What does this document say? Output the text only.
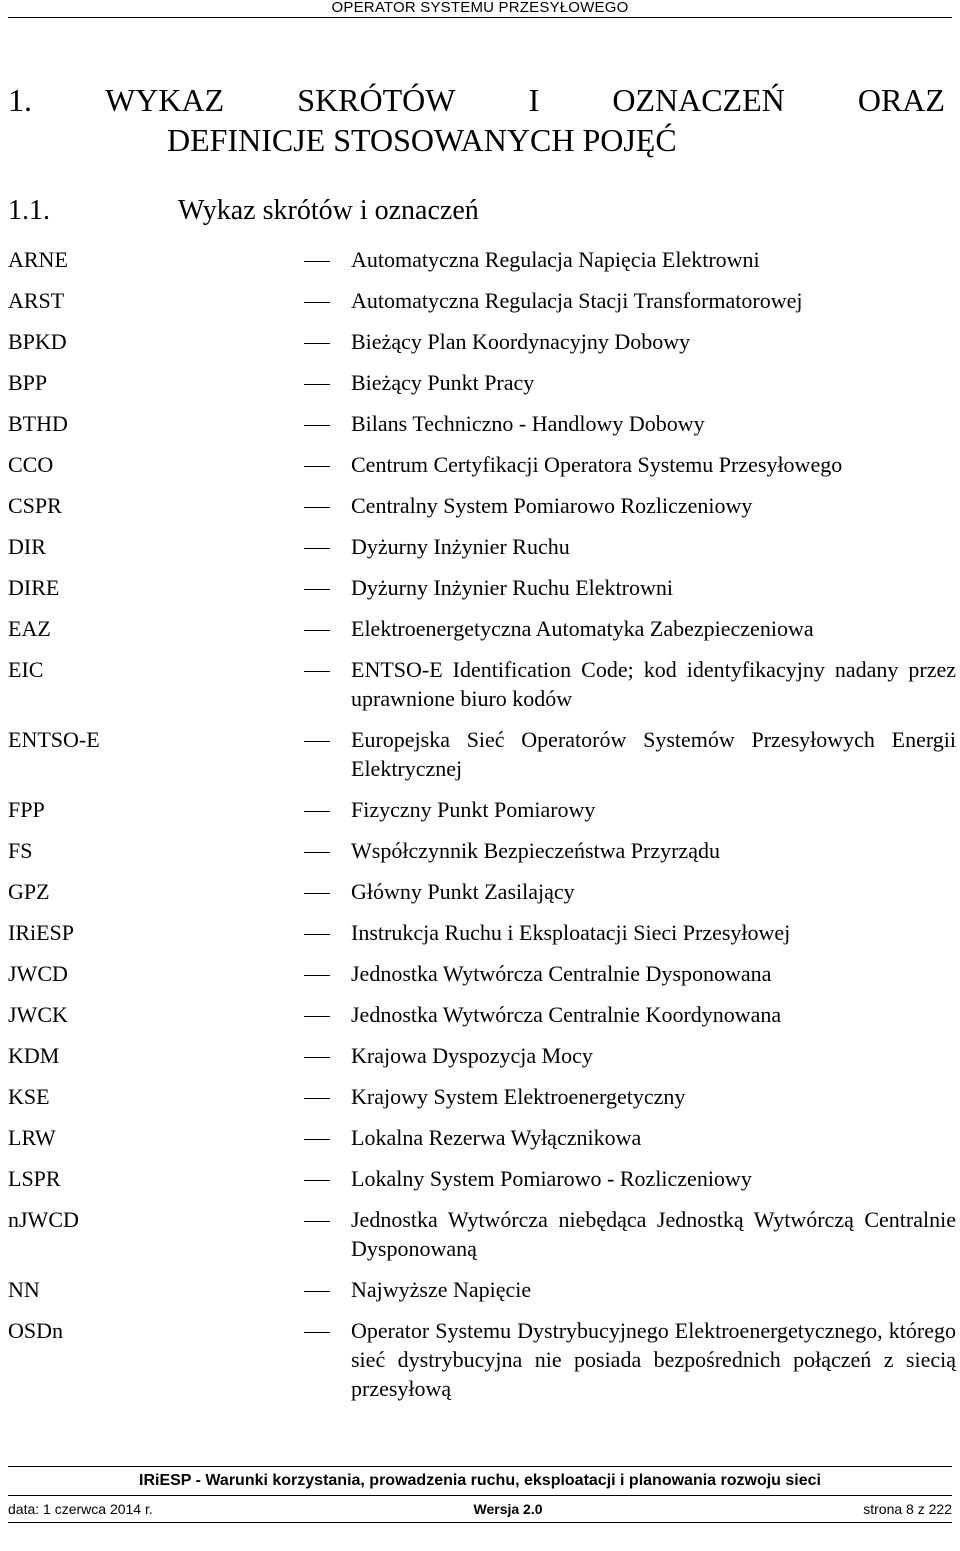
OPERATOR SYSTEMU PRZESYŁOWEGO
1. WYKAZ SKRÓTÓW I OZNACZEŃ ORAZ
DEFINICJE STOSOWANYCH POJĘĆ
1.1.	Wykaz skrótów i oznaczeń
ARNE	Automatyczna Regulacja Napięcia Elektrowni
ARST	Automatyczna Regulacja Stacji Transformatorowej
BPKD	Bieżący Plan Koordynacyjny Dobowy
BPP	Bieżący Punkt Pracy
BTHD	Bilans Techniczno - Handlowy Dobowy
CCO	Centrum Certyfikacji Operatora Systemu Przesyłowego
CSPR	Centralny System Pomiarowo Rozliczeniowy
DIR	Dyżurny Inżynier Ruchu
DIRE	Dyżurny Inżynier Ruchu Elektrowni
EAZ	Elektroenergetyczna Automatyka Zabezpieczeniowa
EIC	ENTSO-E Identification Code; kod identyfikacyjny nadany przez uprawnione biuro kodów
ENTSO-E	Europejska Sieć Operatorów Systemów Przesyłowych Energii Elektrycznej
FPP	Fizyczny Punkt Pomiarowy
FS	Współczynnik Bezpieczeństwa Przyrządu
GPZ	Główny Punkt Zasilający
IRiESP	Instrukcja Ruchu i Eksploatacji Sieci Przesyłowej
JWCD	Jednostka Wytwórcza Centralnie Dysponowana
JWCK	Jednostka Wytwórcza Centralnie Koordynowana
KDM	Krajowa Dyspozycja Mocy
KSE	Krajowy System Elektroenergetyczny
LRW	Lokalna Rezerwa Wyłącznikowa
LSPR	Lokalny System Pomiarowo - Rozliczeniowy
nJWCD	Jednostka Wytwórcza niebędąca Jednostką Wytwórczą Centralnie Dysponowaną
NN	Najwyższe Napięcie
OSDn	Operator Systemu Dystrybucyjnego Elektroenergetycznego, którego sieć dystrybucyjna nie posiada bezpośrednich połączeń z siecią przesyłową
IRiESP - Warunki korzystania, prowadzenia ruchu, eksploatacji i planowania rozwoju sieci
data: 1 czerwca 2014 r.	Wersja 2.0	strona 8 z 222
